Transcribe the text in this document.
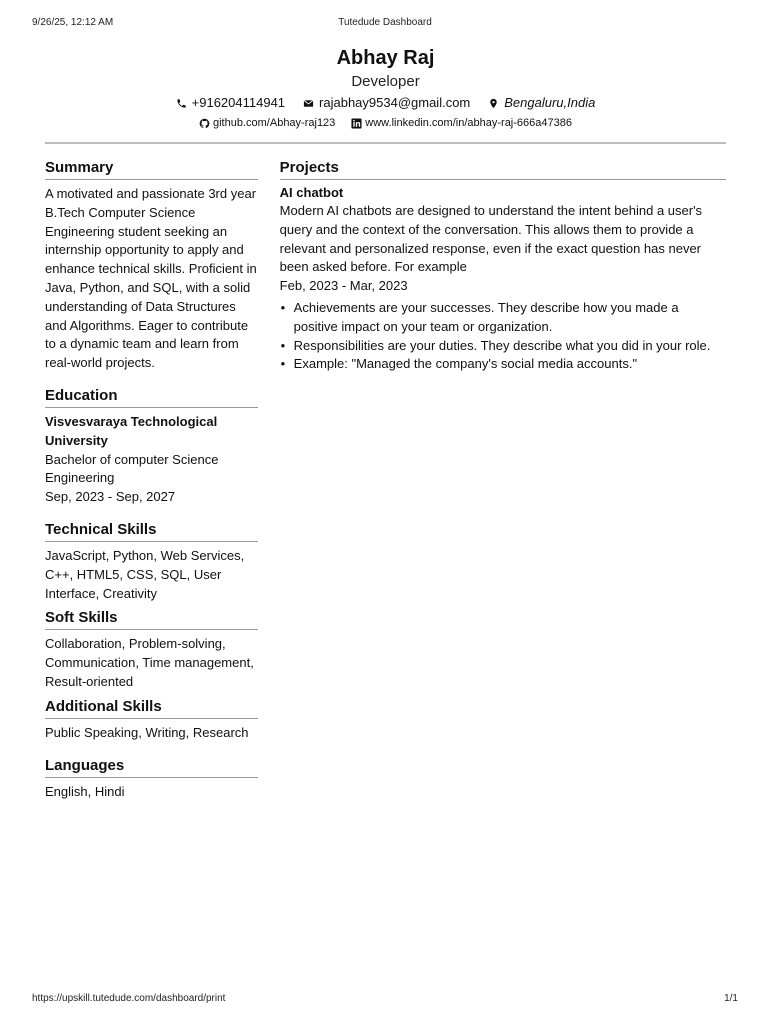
9/26/25, 12:12 AM	Tutedude Dashboard
Abhay Raj
Developer
+916204114941	rajabhay9534@gmail.com	Bengaluru,India
github.com/Abhay-raj123	www.linkedin.com/in/abhay-raj-666a47386
Summary
A motivated and passionate 3rd year B.Tech Computer Science Engineering student seeking an internship opportunity to apply and enhance technical skills. Proficient in Java, Python, and SQL, with a solid understanding of Data Structures and Algorithms. Eager to contribute to a dynamic team and learn from real-world projects.
Education
Visvesvaraya Technological University
Bachelor of computer Science Engineering
Sep, 2023 - Sep, 2027
Technical Skills
JavaScript, Python, Web Services, C++, HTML5, CSS, SQL, User Interface, Creativity
Soft Skills
Collaboration, Problem-solving, Communication, Time management, Result-oriented
Additional Skills
Public Speaking, Writing, Research
Languages
English, Hindi
Projects
AI chatbot
Modern AI chatbots are designed to understand the intent behind a user's query and the context of the conversation. This allows them to provide a relevant and personalized response, even if the exact question has never been asked before. For example
Feb, 2023 - Mar, 2023
• Achievements are your successes. They describe how you made a positive impact on your team or organization.
• Responsibilities are your duties. They describe what you did in your role.
• Example: "Managed the company's social media accounts."
https://upskill.tutedude.com/dashboard/print	1/1
